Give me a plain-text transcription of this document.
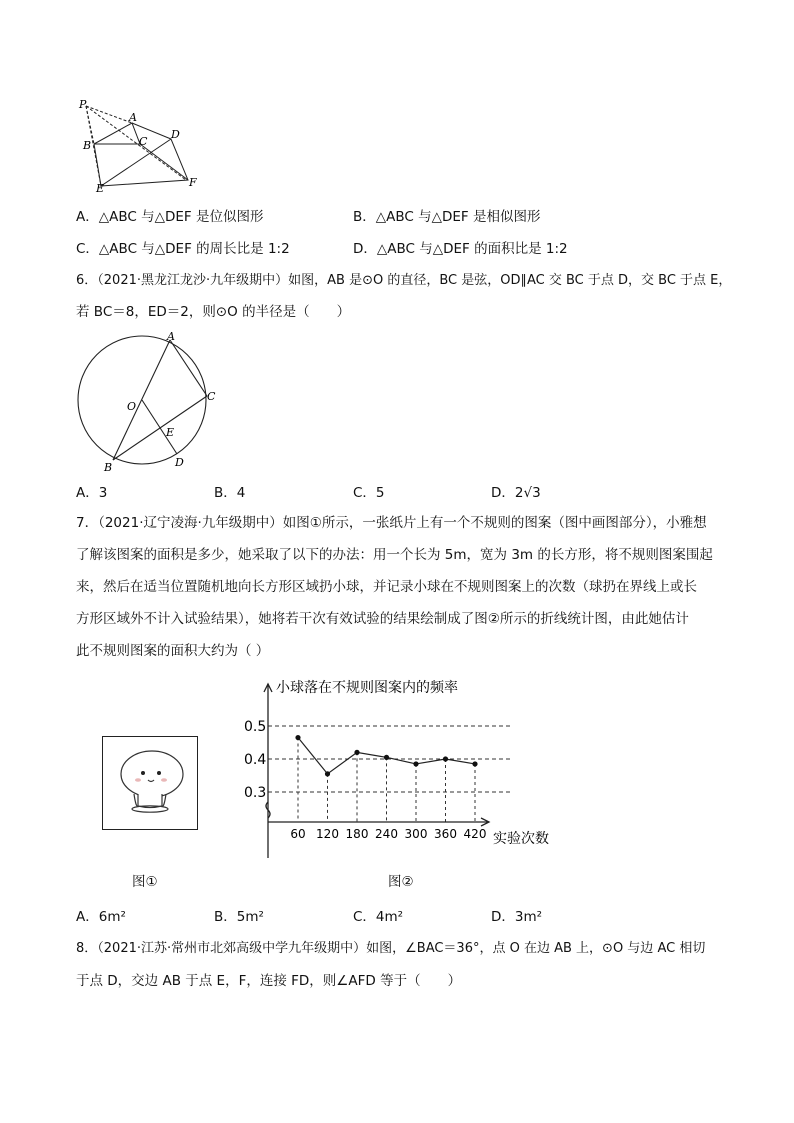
P
A
B	C
D
E	F
A．△ABC 与△DEF 是位似图形	B．△ABC 与△DEF 是相似图形
C．△ABC 与△DEF 的周长比是 1:2	D．△ABC 与△DEF 的面积比是 1:2
6．（2021·黑龙江龙沙·九年级期中）如图，AB 是⊙O 的直径，BC 是弦，OD∥AC 交 BC 于点 D，交 BC 于点 E，
若 BC＝8，ED＝2，则⊙O 的半径是（　　）
A
C
O
E
B	D
A．3	B．4	C．5	D．2√3
7．（2021·辽宁凌海·九年级期中）如图①所示，一张纸片上有一个不规则的图案（图中画图部分），小雅想
了解该图案的面积是多少，她采取了以下的办法：用一个长为 5m，宽为 3m 的长方形，将不规则图案围起
来，然后在适当位置随机地向长方形区域扔小球，并记录小球在不规则图案上的次数（球扔在界线上或长
方形区域外不计入试验结果），她将若干次有效试验的结果绘制成了图②所示的折线统计图，由此她估计
此不规则图案的面积大约为（ ）
图①
小球落在不规则图案内的频率
0.3
0.4
0.5
60 120 180 240 300 360 420 实验次数
图②
A．6m²	B．5m²	C．4m²	D．3m²
8．（2021·江苏·常州市北郊高级中学九年级期中）如图，∠BAC＝36°，点 O 在边 AB 上，⊙O 与边 AC 相切
于点 D，交边 AB 于点 E，F，连接 FD，则∠AFD 等于（　　）
